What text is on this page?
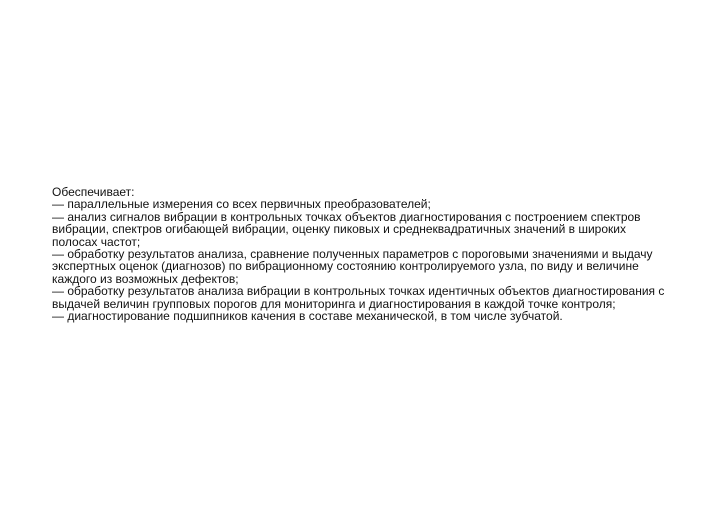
Обеспечивает:

— параллельные измерения со всех первичных преобразователей;

— анализ сигналов вибрации в контрольных точках объектов диагностирования с построением спектров вибрации, спектров огибающей вибрации, оценку пиковых и среднеквадратичных значений в широких полосах частот;

— обработку результатов анализа, сравнение полученных параметров с пороговыми значениями и выдачу экспертных оценок (диагнозов) по вибрационному состоянию контролируемого узла, по виду и величине каждого из возможных дефектов;

— обработку результатов анализа вибрации в контрольных точках идентичных объектов диагностирования с выдачей величин групповых порогов для мониторинга и диагностирования в каждой точке контроля;

— диагностирование подшипников качения в составе механической, в том числе зубчатой.
